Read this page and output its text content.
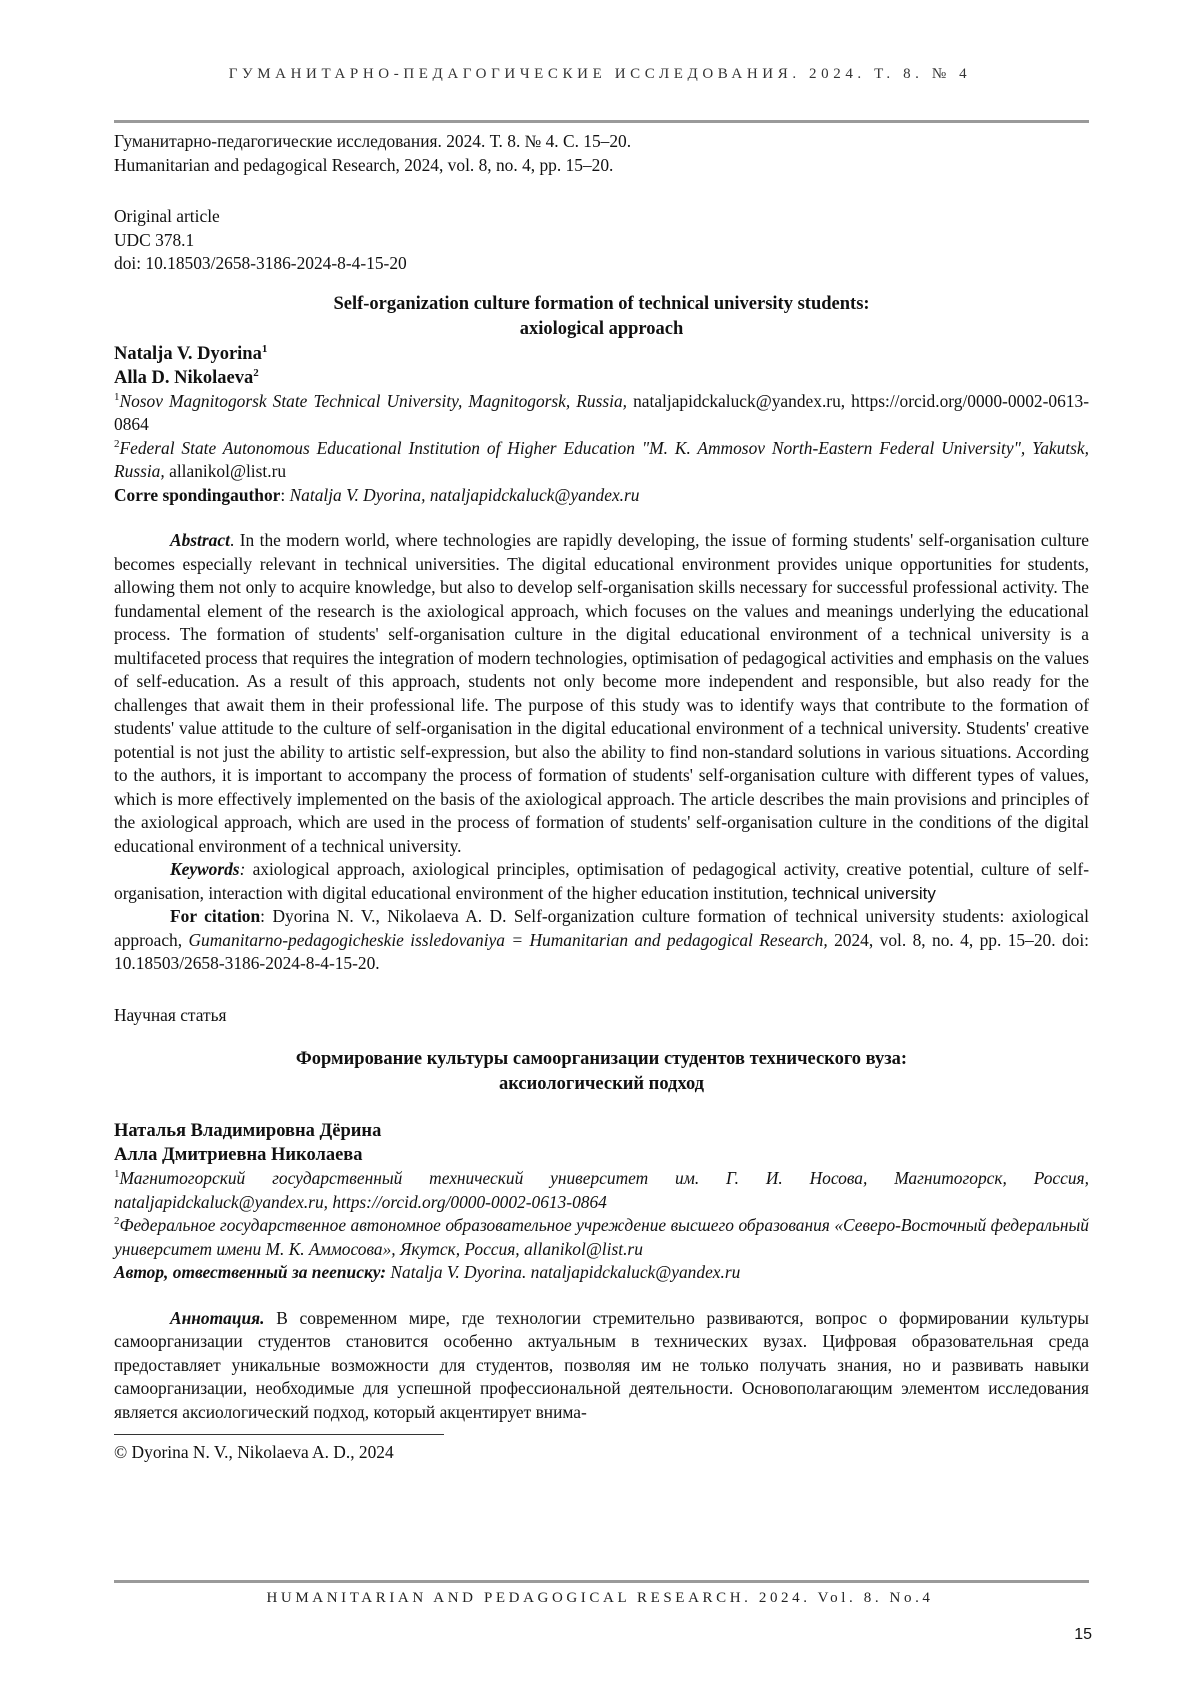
ГУМАНИТАРНО-ПЕДАГОГИЧЕСКИЕ ИССЛЕДОВАНИЯ. 2024. Т. 8. № 4

Гуманитарно-педагогические исследования. 2024. Т. 8. № 4. С. 15–20.

Humanitarian and pedagogical Research, 2024, vol. 8, no. 4, pp. 15–20.

Original article

UDC 378.1

doi: 10.18503/2658-3186-2024-8-4-15-20

Self-organization culture formation of technical university students:
axiological approach
Natalja V. Dyorina$^1$
Alla D. Nikolaeva$^2$
$^1$Nosov Magnitogorsk State Technical University, Magnitogorsk, Russia, nataljapidckaluck@yandex.ru, https://orcid.org/0000-0002-0613-0864
$^2$Federal State Autonomous Educational Institution of Higher Education "M. K. Ammosov North-Eastern Federal University", Yakutsk, Russia, allanikol@list.ru
Corre spondingauthor: Natalja V. Dyorina, nataljapidckaluck@yandex.ru

Abstract. In the modern world, where technologies are rapidly developing, the issue of forming students' self-organisation culture becomes especially relevant in technical universities. The digital educational environment provides unique opportunities for students, allowing them not only to acquire knowledge, but also to develop self-organisation skills necessary for successful professional activity. The fundamental element of the research is the axiological approach, which focuses on the values and meanings underlying the educational process. The formation of students' self-organisation culture in the digital educational environment of a technical university is a multifaceted process that requires the integration of modern technologies, optimisation of pedagogical activities and emphasis on the values of self-education. As a result of this approach, students not only become more independent and responsible, but also ready for the challenges that await them in their professional life. The purpose of this study was to identify ways that contribute to the formation of students' value attitude to the culture of self-organisation in the digital educational environment of a technical university. Students' creative potential is not just the ability to artistic self-expression, but also the ability to find non-standard solutions in various situations. According to the authors, it is important to accompany the process of formation of students' self-organisation culture with different types of values, which is more effectively implemented on the basis of the axiological approach. The article describes the main provisions and principles of the axiological approach, which are used in the process of formation of students' self-organisation culture in the conditions of the digital educational environment of a technical university.

Keywords: axiological approach, axiological principles, optimisation of pedagogical activity, creative potential, culture of self-organisation, interaction with digital educational environment of the higher education institution, technical university

For citation: Dyorina N. V., Nikolaeva A. D. Self-organization culture formation of technical university students: axiological approach, Gumanitarno-pedagogicheskie issledovaniya = Humanitarian and pedagogical Research, 2024, vol. 8, no. 4, pp. 15–20. doi: 10.18503/2658-3186-2024-8-4-15-20.

Научная статья

Формирование культуры самоорганизации студентов технического вуза:
аксиологический подход
Наталья Владимировна Дёрина
Алла Дмитриевна Николаева
$^1$Магнитогорский государственный технический университет им. Г. И. Носова, Магнитогорск, Россия, nataljapidckaluck@yandex.ru, https://orcid.org/0000-0002-0613-0864
$^2$Федеральное государственное автономное образовательное учреждение высшего образования «Северо-Восточный федеральный университет имени М. К. Аммосова», Якутск, Россия, allanikol@list.ru
Автор, отвественный за пеепиcку: Natalja V. Dyorina. nataljapidckaluck@yandex.ru

Аннотация. В современном мире, где технологии стремительно развиваются, вопрос о формировании культуры самоорганизации студентов становится особенно актуальным в технических вузах. Цифровая образовательная среда предоставляет уникальные возможности для студентов, позволяя им не только получать знания, но и развивать навыки самоорганизации, необходимые для успешной профессиональной деятельности. Основополагающим элементом исследования является аксиологический подход, который акцентирует внима-

© Dyorina N. V., Nikolaeva A. D., 2024
HUMANITARIAN AND PEDAGOGICAL RESEARCH. 2024. Vol. 8. No.4
15
